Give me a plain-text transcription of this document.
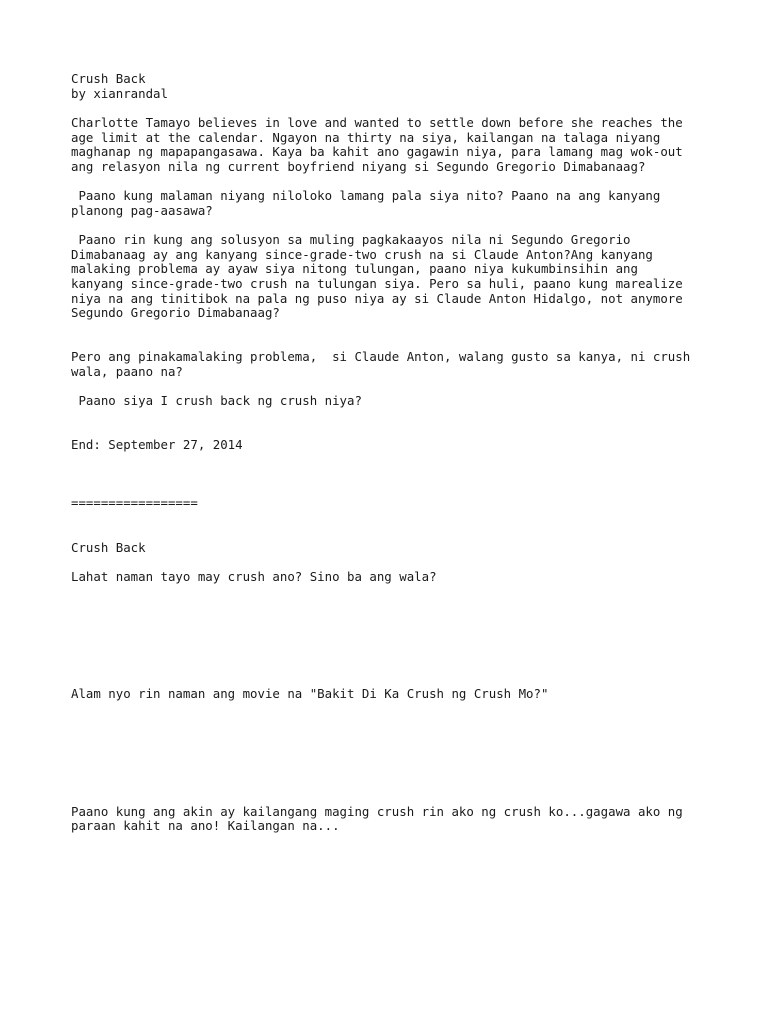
Crush Back

by xianrandal

Charlotte Tamayo believes in love and wanted to settle down before she reaches the

age limit at the calendar. Ngayon na thirty na siya, kailangan na talaga niyang

maghanap ng mapapangasawa. Kaya ba kahit ano gagawin niya, para lamang mag wok-out

ang relasyon nila ng current boyfriend niyang si Segundo Gregorio Dimabanaag?

Paano kung malaman niyang niloloko lamang pala siya nito? Paano na ang kanyang

planong pag-aasawa?

Paano rin kung ang solusyon sa muling pagkakaayos nila ni Segundo Gregorio

Dimabanaag ay ang kanyang since-grade-two crush na si Claude Anton?Ang kanyang

malaking problema ay ayaw siya nitong tulungan, paano niya kukumbinsihin ang

kanyang since-grade-two crush na tulungan siya. Pero sa huli, paano kung marealize

niya na ang tinitibok na pala ng puso niya ay si Claude Anton Hidalgo, not anymore

Segundo Gregorio Dimabanaag?

Pero ang pinakamalaking problema,  si Claude Anton, walang gusto sa kanya, ni crush

wala, paano na?

Paano siya I crush back ng crush niya?

End: September 27, 2014

=================

Crush Back

Lahat naman tayo may crush ano? Sino ba ang wala?

Alam nyo rin naman ang movie na "Bakit Di Ka Crush ng Crush Mo?"

Paano kung ang akin ay kailangang maging crush rin ako ng crush ko...gagawa ako ng

paraan kahit na ano! Kailangan na...
